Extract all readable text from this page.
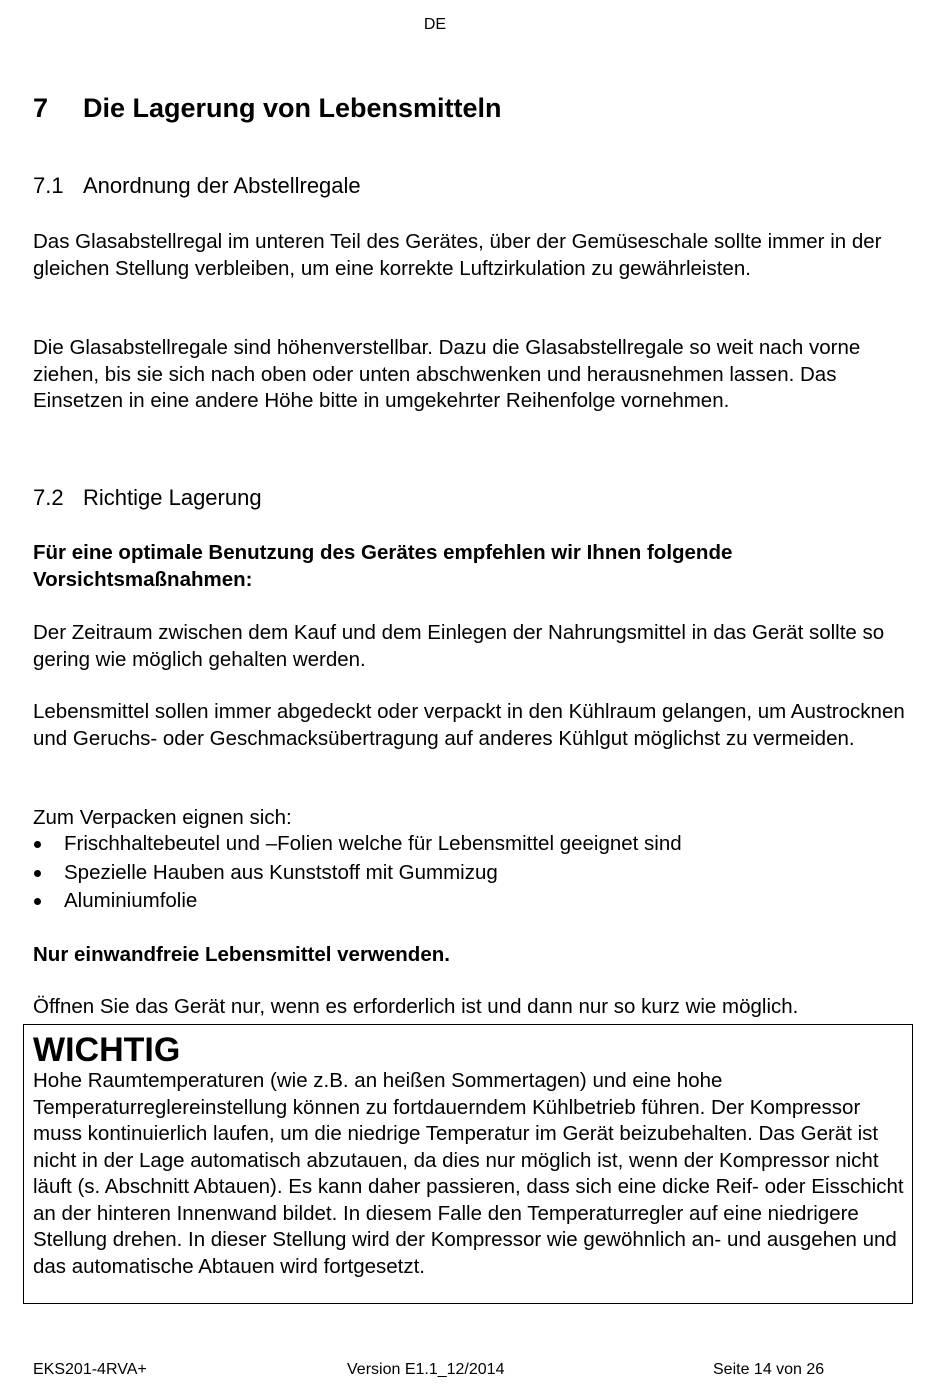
DE
7 Die Lagerung von Lebensmitteln
7.1 Anordnung der Abstellregale

Das Glasabstellregal im unteren Teil des Gerätes, über der Gemüseschale sollte immer in der gleichen Stellung verbleiben, um eine korrekte Luftzirkulation zu gewährleisten.

Die Glasabstellregale sind höhenverstellbar. Dazu die Glasabstellregale so weit nach vorne ziehen, bis sie sich nach oben oder unten abschwenken und herausnehmen lassen. Das Einsetzen in eine andere Höhe bitte in umgekehrter Reihenfolge vornehmen.

7.2 Richtige Lagerung

Für eine optimale Benutzung des Gerätes empfehlen wir Ihnen folgende Vorsichtsmaßnahmen:

Der Zeitraum zwischen dem Kauf und dem Einlegen der Nahrungsmittel in das Gerät sollte so gering wie möglich gehalten werden.

Lebensmittel sollen immer abgedeckt oder verpackt in den Kühlraum gelangen, um Austrocknen und Geruchs- oder Geschmacksübertragung auf anderes Kühlgut möglichst zu vermeiden.

Zum Verpacken eignen sich:

Frischhaltebeutel und –Folien welche für Lebensmittel geeignet sind
Spezielle Hauben aus Kunststoff mit Gummizug
Aluminiumfolie

Nur einwandfreie Lebensmittel verwenden.

Öffnen Sie das Gerät nur, wenn es erforderlich ist und dann nur so kurz wie möglich.

WICHTIG
Hohe Raumtemperaturen (wie z.B. an heißen Sommertagen) und eine hohe Temperaturreglereinstellung können zu fortdauerndem Kühlbetrieb führen. Der Kompressor muss kontinuierlich laufen, um die niedrige Temperatur im Gerät beizubehalten. Das Gerät ist nicht in der Lage automatisch abzutauen, da dies nur möglich ist, wenn der Kompressor nicht läuft (s. Abschnitt Abtauen). Es kann daher passieren, dass sich eine dicke Reif- oder Eisschicht an der hinteren Innenwand bildet. In diesem Falle den Temperaturregler auf eine niedrigere Stellung drehen. In dieser Stellung wird der Kompressor wie gewöhnlich an- und ausgehen und das automatische Abtauen wird fortgesetzt.
EKS201-4RVA+	Version E1.1_12/2014	Seite 14 von 26
